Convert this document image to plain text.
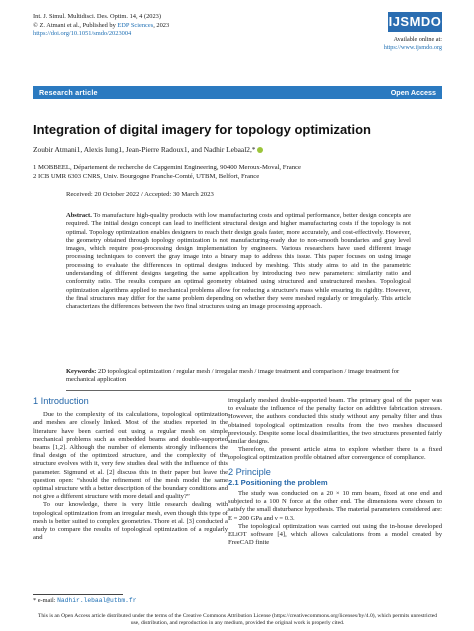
Int. J. Simul. Multidisci. Des. Optim. 14, 4 (2023)
© Z. Atmani et al., Published by EDP Sciences, 2023
https://doi.org/10.1051/smdo/2023004
IJSMDO
Available online at:
https://www.ijsmdo.org
Research article	Open Access
Integration of digital imagery for topology optimization
Zoubir Atmani1, Alexis Iung1, Jean-Pierre Radoux1, and Nadhir Lebaal2,*
1 MOBBEEL, Département de recherche de Capgemini Engineering, 90400 Meroux-Moval, France
2 ICB UMR 6303 CNRS, Univ. Bourgogne Franche-Comté, UTBM, Belfort, France
Received: 20 October 2022 / Accepted: 30 March 2023
Abstract. To manufacture high-quality products with low manufacturing costs and optimal performance, better design concepts are required. The initial design concept can lead to inefficient structural design and higher manufacturing costs if the topology is not optimal. Topology optimization enables designers to reach their design goals faster, more accurately, and cost-effectively. However, the geometry obtained through topology optimization is not manufacturing-ready due to non-smooth boundaries and gray level images, which require post-processing design implementation by engineers. Various researchers have used different image processing techniques to convert the gray image into a binary map to address this issue. This paper focuses on using image processing to evaluate the differences in optimal designs induced by meshing. This study aims to aid in the parametric understanding of different designs targeting the same application by introducing two new parameters: similarity ratio and conformity ratio. The results compare an optimal geometry obtained using structured and unstructured meshes. Topological optimization algorithms applied to mechanical problems allow for reducing a structure's mass while ensuring its rigidity. However, the final structures may differ for the same problem depending on whether they were meshed regularly or irregularly. This article characterizes the differences between the two final structures using an image processing approach.
Keywords: 2D topological optimization / regular mesh / irregular mesh / image treatment and comparison / image treatment for mechanical application
1 Introduction

Due to the complexity of its calculations, topological optimization and meshes are closely linked. Most of the studies reported in the literature have been carried out using a regular mesh on simple mechanical problems such as embedded beams and double-supported beams [1,2]. Although the number of elements strongly influences the final design of the optimized structure, and the complexity of the structure evolves with it, very few studies deal with the influence of this parameter. Sigmund et al. [2] discuss this in their paper but leave the question open: “should the refinement of the mesh model the same optimal structure with a better description of the boundary conditions and not give a different structure with more detail and quality?”

To our knowledge, there is very little research dealing with topological optimization from an irregular mesh, even though this type of mesh is better suited to complex geometries. Thore et al. [3] conducted a study to compare the results of topological optimization of a regularly and

irregularly meshed double-supported beam. The primary goal of the paper was to evaluate the influence of the penalty factor on additive fabrication stresses. However, the authors conducted this study without any penalty filter and thus obtained topological optimization results from the two meshes discussed previously. Despite some local dissimilarities, the two structures presented fairly similar designs.

Therefore, the present article aims to explore whether there is a fixed topological optimization profile obtained after convergence of compliance.

2 Principle
2.1 Positioning the problem

The study was conducted on a 20 × 10 mm beam, fixed at one end and subjected to a 100 N force at the other end. The dimensions were chosen to satisfy the small disturbance hypothesis. The material parameters considered are: E = 200 GPa and ν = 0.3.

The topological optimization was carried out using the in-house developed ELiOT software [4], which allows calculations from a model created by FreeCAD finite

* e-mail: Nadhir.lebaal@utbm.fr
This is an Open Access article distributed under the terms of the Creative Commons Attribution License (https://creativecommons.org/licenses/by/4.0), which permits unrestricted use, distribution, and reproduction in any medium, provided the original work is properly cited.
